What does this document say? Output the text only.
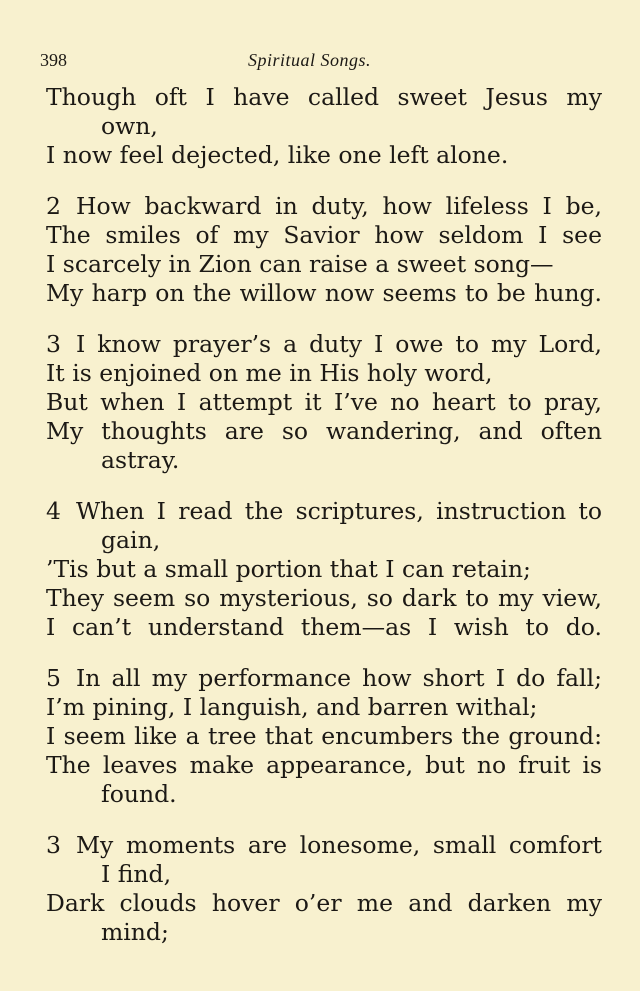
398	Spiritual Songs.
Though oft I have called sweet Jesus my
own,
I now feel dejected, like one left alone.
2 How backward in duty, how lifeless I be,
The smiles of my Savior how seldom I see
I scarcely in Zion can raise a sweet song—
My harp on the willow now seems to be hung.
3 I know prayer’s a duty I owe to my Lord,
It is enjoined on me in His holy word,
But when I attempt it I’ve no heart to pray,
My thoughts are so wandering, and often
astray.
4 When I read the scriptures, instruction to
gain,
’Tis but a small portion that I can retain;
They seem so mysterious, so dark to my view,
I can’t understand them—as I wish to do.
5 In all my performance how short I do fall;
I’m pining, I languish, and barren withal;
I seem like a tree that encumbers the ground:
The leaves make appearance, but no fruit is
found.
3 My moments are lonesome, small comfort
I find,
Dark clouds hover o’er me and darken my
mind;
